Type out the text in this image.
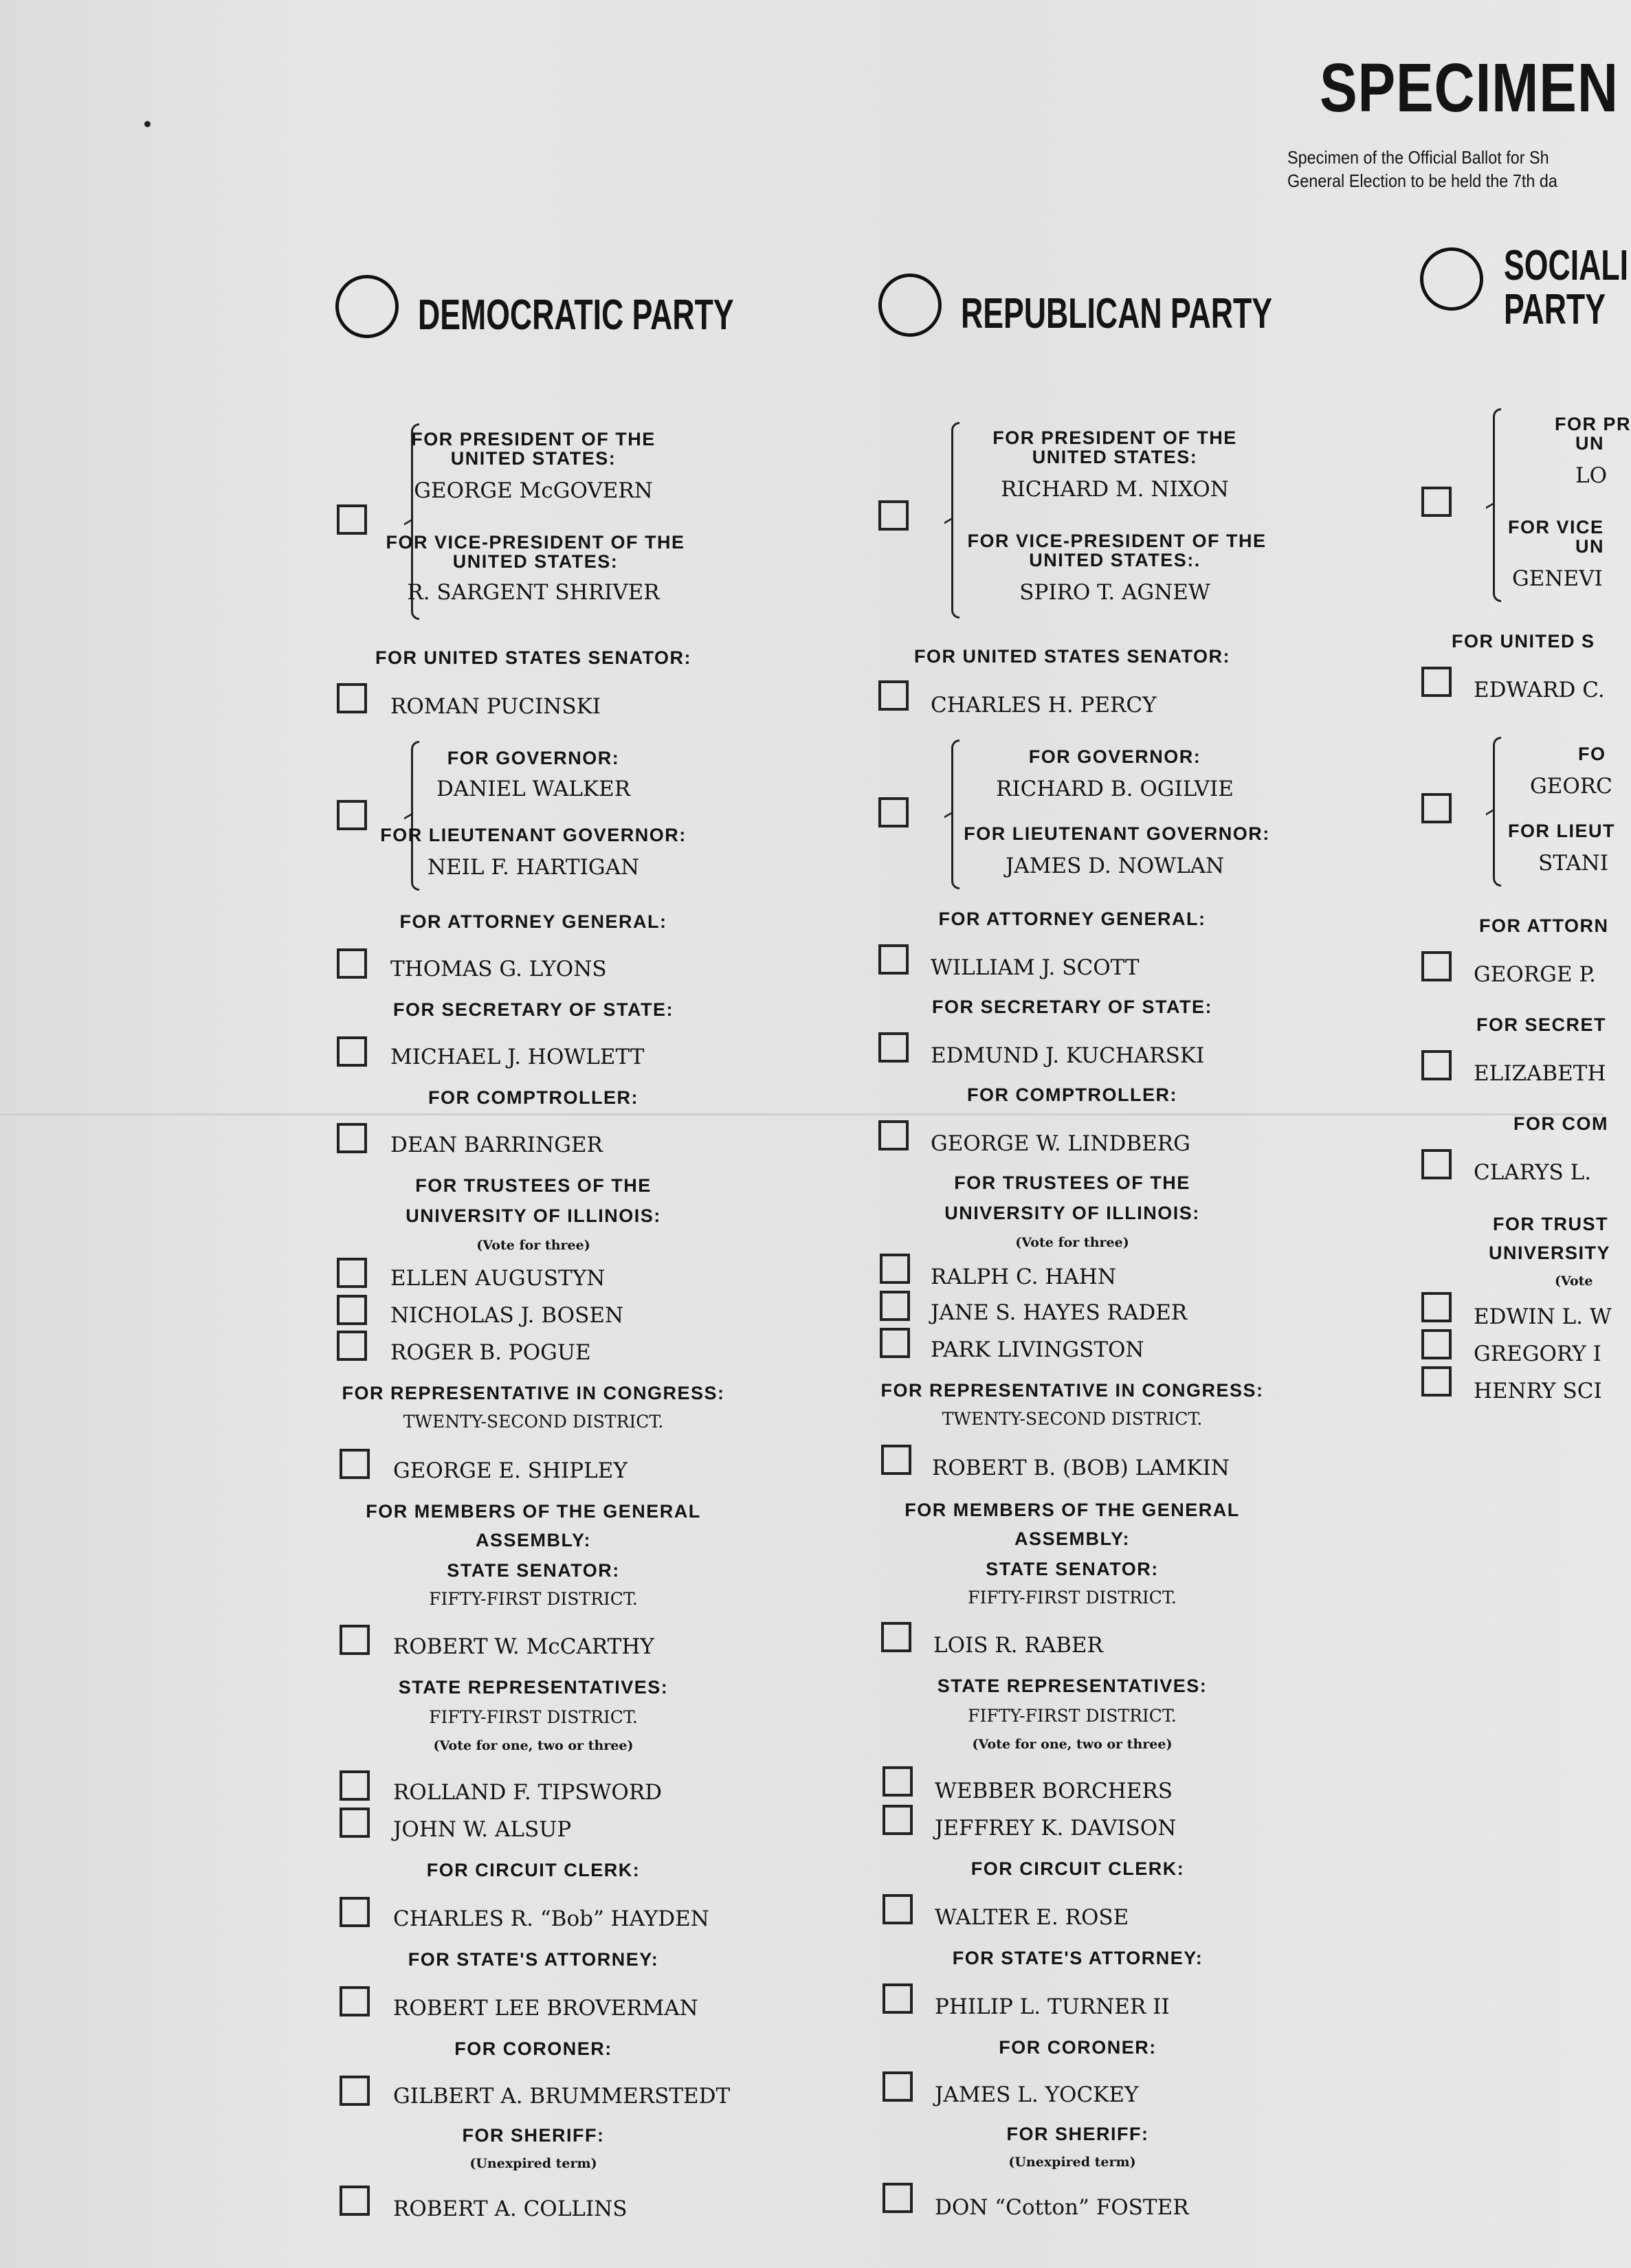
SPECIMEN
Specimen of the Official Ballot for Sh
General Election to be held the 7th da
DEMOCRATIC PARTY
FOR PRESIDENT OF THE
UNITED STATES:
GEORGE McGOVERN
FOR VICE-PRESIDENT OF THE
UNITED STATES:
R. SARGENT SHRIVER
FOR UNITED STATES SENATOR:
ROMAN PUCINSKI
FOR GOVERNOR:
DANIEL WALKER
FOR LIEUTENANT GOVERNOR:
NEIL F. HARTIGAN
FOR ATTORNEY GENERAL:
THOMAS G. LYONS
FOR SECRETARY OF STATE:
MICHAEL J. HOWLETT
FOR COMPTROLLER:
DEAN BARRINGER
FOR TRUSTEES OF THE
UNIVERSITY OF ILLINOIS:
(Vote for three)
ELLEN AUGUSTYN
NICHOLAS J. BOSEN
ROGER B. POGUE
FOR REPRESENTATIVE IN CONGRESS:
TWENTY-SECOND DISTRICT.
GEORGE E. SHIPLEY
FOR MEMBERS OF THE GENERAL
ASSEMBLY:
STATE SENATOR:
FIFTY-FIRST DISTRICT.
ROBERT W. McCARTHY
STATE REPRESENTATIVES:
FIFTY-FIRST DISTRICT.
(Vote for one, two or three)
ROLLAND F. TIPSWORD
JOHN W. ALSUP
FOR CIRCUIT CLERK:
CHARLES R. “Bob” HAYDEN
FOR STATE'S ATTORNEY:
ROBERT LEE BROVERMAN
FOR CORONER:
GILBERT A. BRUMMERSTEDT
FOR SHERIFF:
(Unexpired term)
ROBERT A. COLLINS
REPUBLICAN PARTY
FOR PRESIDENT OF THE
UNITED STATES:
RICHARD M. NIXON
FOR VICE-PRESIDENT OF THE
UNITED STATES:.
SPIRO T. AGNEW
FOR UNITED STATES SENATOR:
CHARLES H. PERCY
FOR GOVERNOR:
RICHARD B. OGILVIE
FOR LIEUTENANT GOVERNOR:
JAMES D. NOWLAN
FOR ATTORNEY GENERAL:
WILLIAM J. SCOTT
FOR SECRETARY OF STATE:
EDMUND J. KUCHARSKI
FOR COMPTROLLER:
GEORGE W. LINDBERG
FOR TRUSTEES OF THE
UNIVERSITY OF ILLINOIS:
(Vote for three)
RALPH C. HAHN
JANE S. HAYES RADER
PARK LIVINGSTON
FOR REPRESENTATIVE IN CONGRESS:
TWENTY-SECOND DISTRICT.
ROBERT B. (BOB) LAMKIN
FOR MEMBERS OF THE GENERAL
ASSEMBLY:
STATE SENATOR:
FIFTY-FIRST DISTRICT.
LOIS R. RABER
STATE REPRESENTATIVES:
FIFTY-FIRST DISTRICT.
(Vote for one, two or three)
WEBBER BORCHERS
JEFFREY K. DAVISON
FOR CIRCUIT CLERK:
WALTER E. ROSE
FOR STATE'S ATTORNEY:
PHILIP L. TURNER II
FOR CORONER:
JAMES L. YOCKEY
FOR SHERIFF:
(Unexpired term)
DON “Cotton” FOSTER
SOCIALI
PARTY
FOR PR
UN
LO
FOR VICE
UN
GENEVI
FOR UNITED S
EDWARD C.
FO
GEORC
FOR LIEUT
STANI
FOR ATTORN
GEORGE P.
FOR SECRET
ELIZABETH
FOR COM
CLARYS L.
FOR TRUST
UNIVERSITY
(Vote
EDWIN L. W
GREGORY I
HENRY SCI
